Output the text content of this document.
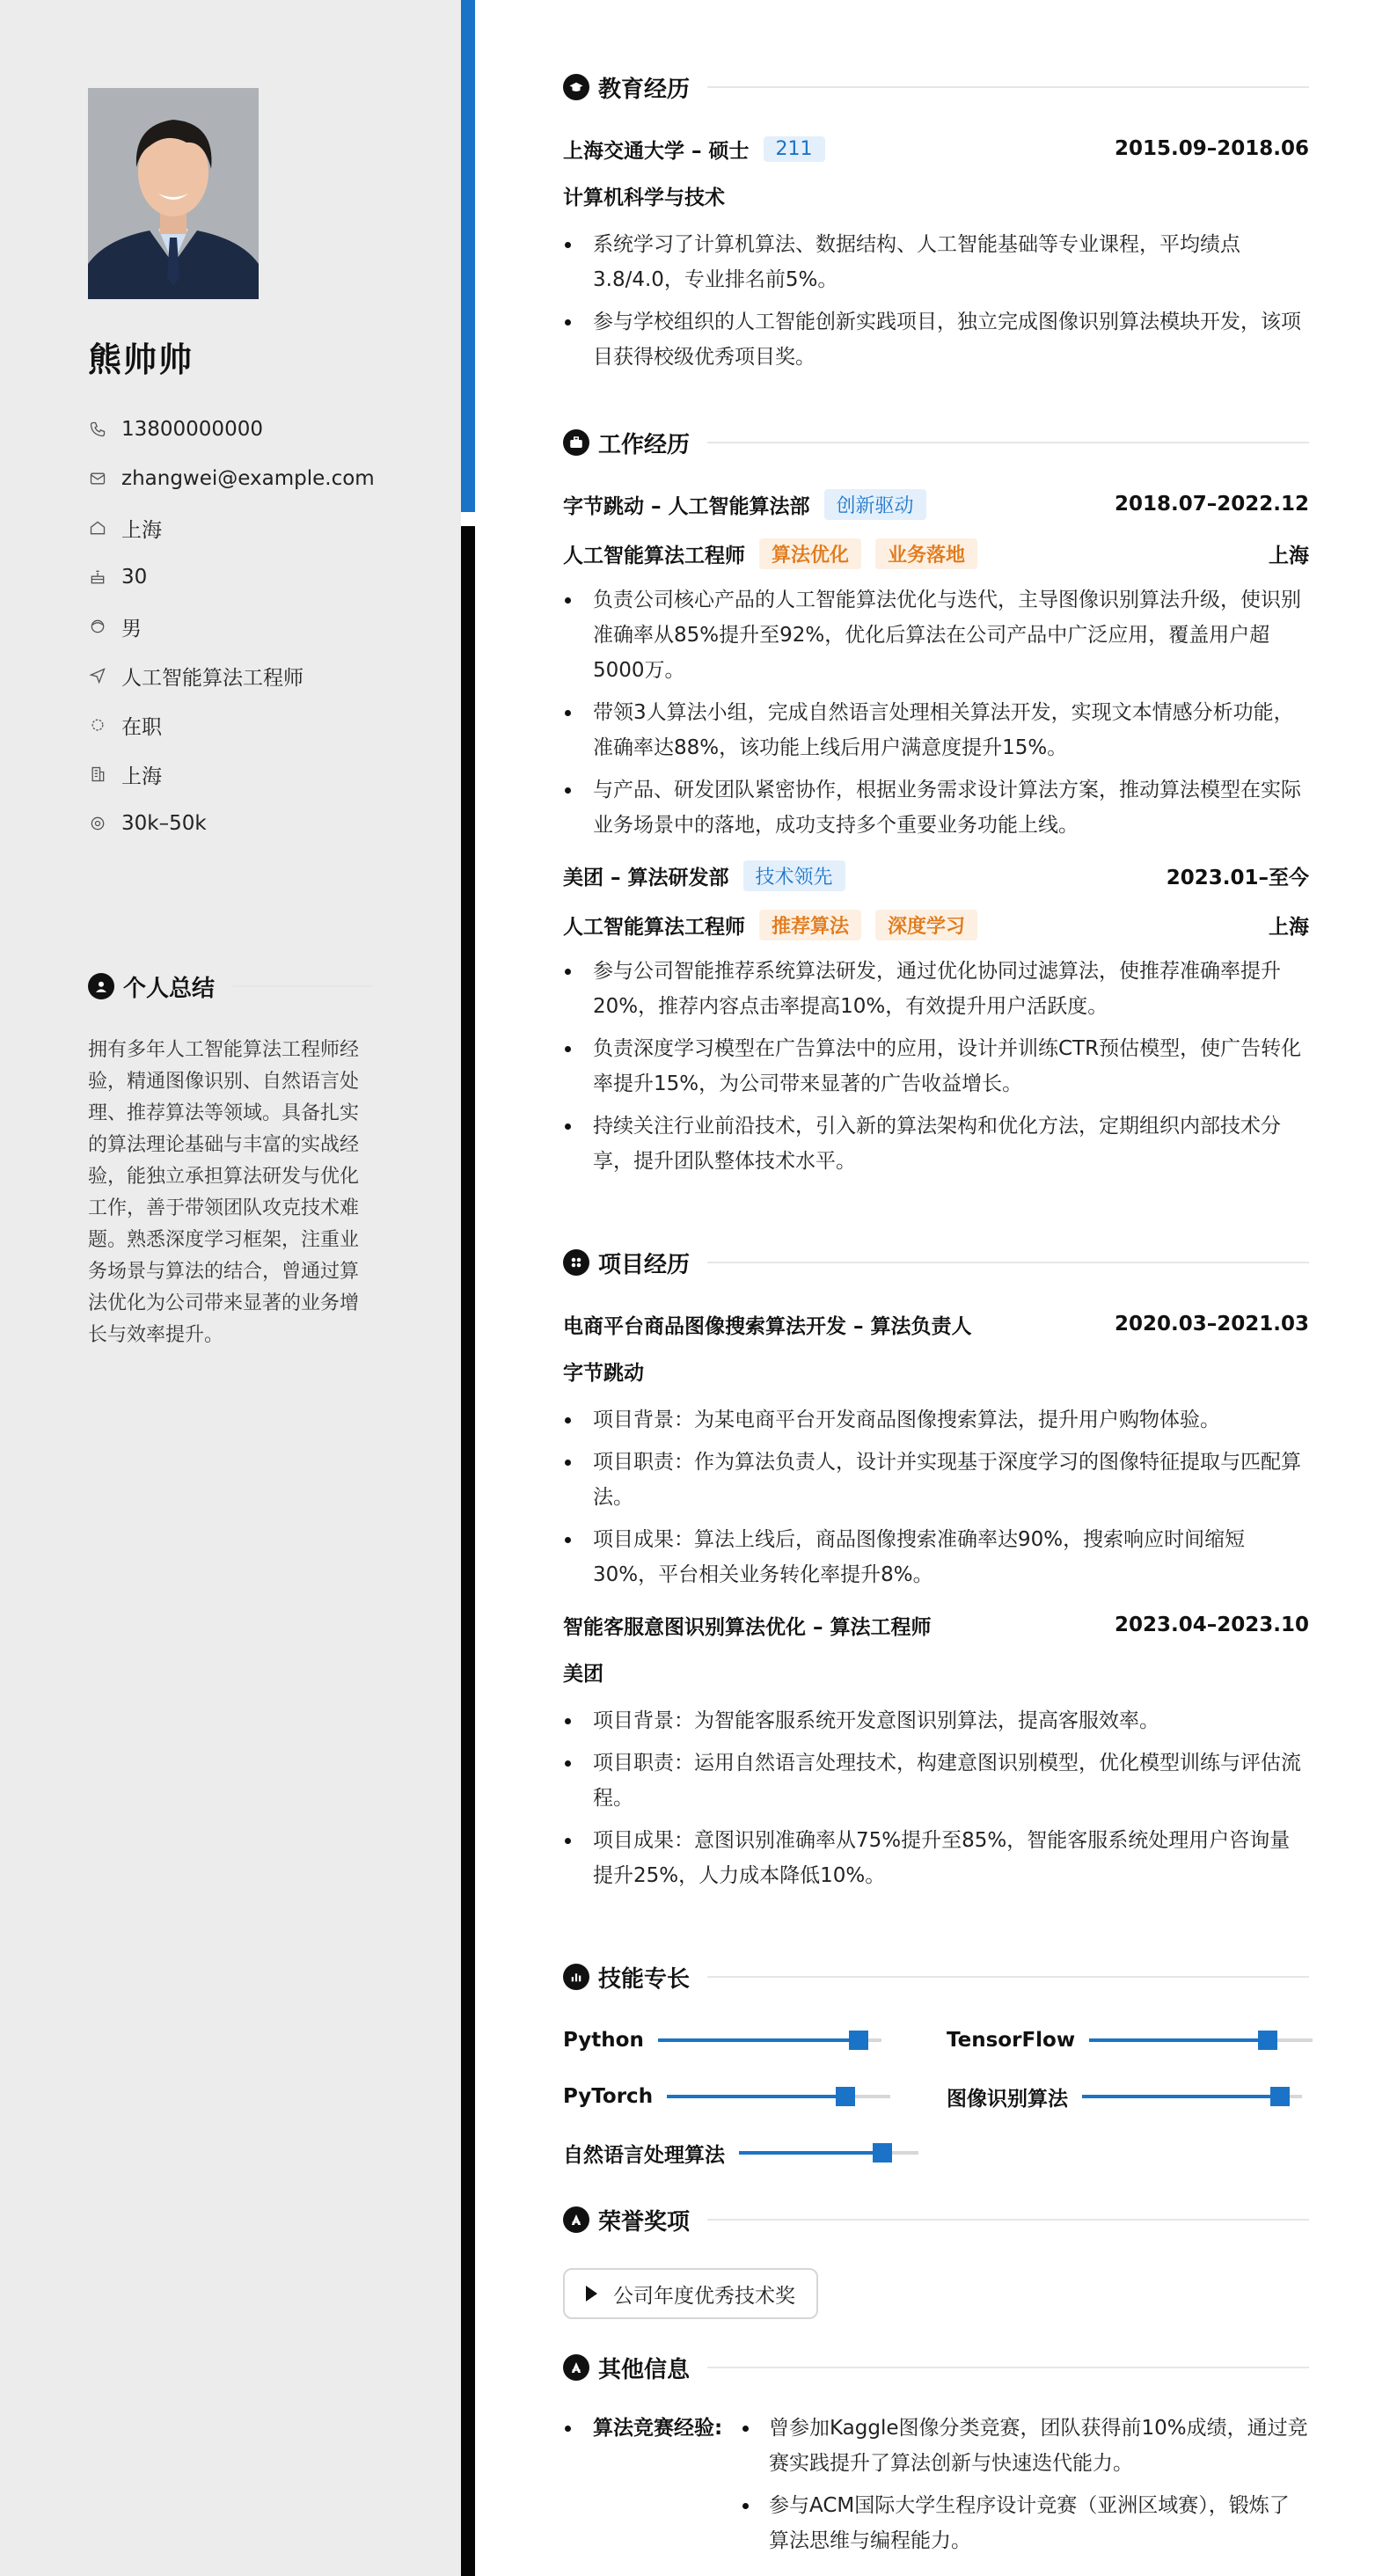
熊帅帅
13800000000
zhangwei@example.com
上海
30
男
人工智能算法工程师
在职
上海
30k–50k
个人总结
拥有多年人工智能算法工程师经验，精通图像识别、自然语言处理、推荐算法等领域。具备扎实的算法理论基础与丰富的实战经验，能独立承担算法研发与优化工作，善于带领团队攻克技术难题。熟悉深度学习框架，注重业务场景与算法的结合，曾通过算法优化为公司带来显著的业务增长与效率提升。
教育经历
上海交通大学 – 硕士	211	2015.09–2018.06
计算机科学与技术
系统学习了计算机算法、数据结构、人工智能基础等专业课程，平均绩点3.8/4.0，专业排名前5%。
参与学校组织的人工智能创新实践项目，独立完成图像识别算法模块开发，该项目获得校级优秀项目奖。
工作经历
字节跳动 – 人工智能算法部	创新驱动	2018.07–2022.12
人工智能算法工程师	算法优化	业务落地	上海
负责公司核心产品的人工智能算法优化与迭代，主导图像识别算法升级，使识别准确率从85%提升至92%，优化后算法在公司产品中广泛应用，覆盖用户超5000万。
带领3人算法小组，完成自然语言处理相关算法开发，实现文本情感分析功能，准确率达88%，该功能上线后用户满意度提升15%。
与产品、研发团队紧密协作，根据业务需求设计算法方案，推动算法模型在实际业务场景中的落地，成功支持多个重要业务功能上线。
美团 – 算法研发部	技术领先	2023.01–至今
人工智能算法工程师	推荐算法	深度学习	上海
参与公司智能推荐系统算法研发，通过优化协同过滤算法，使推荐准确率提升20%，推荐内容点击率提高10%，有效提升用户活跃度。
负责深度学习模型在广告算法中的应用，设计并训练CTR预估模型，使广告转化率提升15%，为公司带来显著的广告收益增长。
持续关注行业前沿技术，引入新的算法架构和优化方法，定期组织内部技术分享，提升团队整体技术水平。
项目经历
电商平台商品图像搜索算法开发 – 算法负责人	2020.03–2021.03
字节跳动
项目背景：为某电商平台开发商品图像搜索算法，提升用户购物体验。
项目职责：作为算法负责人，设计并实现基于深度学习的图像特征提取与匹配算法。
项目成果：算法上线后，商品图像搜索准确率达90%，搜索响应时间缩短30%，平台相关业务转化率提升8%。
智能客服意图识别算法优化 – 算法工程师	2023.04–2023.10
美团
项目背景：为智能客服系统开发意图识别算法，提高客服效率。
项目职责：运用自然语言处理技术，构建意图识别模型，优化模型训练与评估流程。
项目成果：意图识别准确率从75%提升至85%，智能客服系统处理用户咨询量提升25%，人力成本降低10%。
技能专长
Python	TensorFlow
PyTorch	图像识别算法
自然语言处理算法
荣誉奖项
公司年度优秀技术奖
其他信息
算法竞赛经验:	曾参加Kaggle图像分类竞赛，团队获得前10%成绩，通过竞赛实践提升了算法创新与快速迭代能力。
参与ACM国际大学生程序设计竞赛（亚洲区域赛），锻炼了算法思维与编程能力。
